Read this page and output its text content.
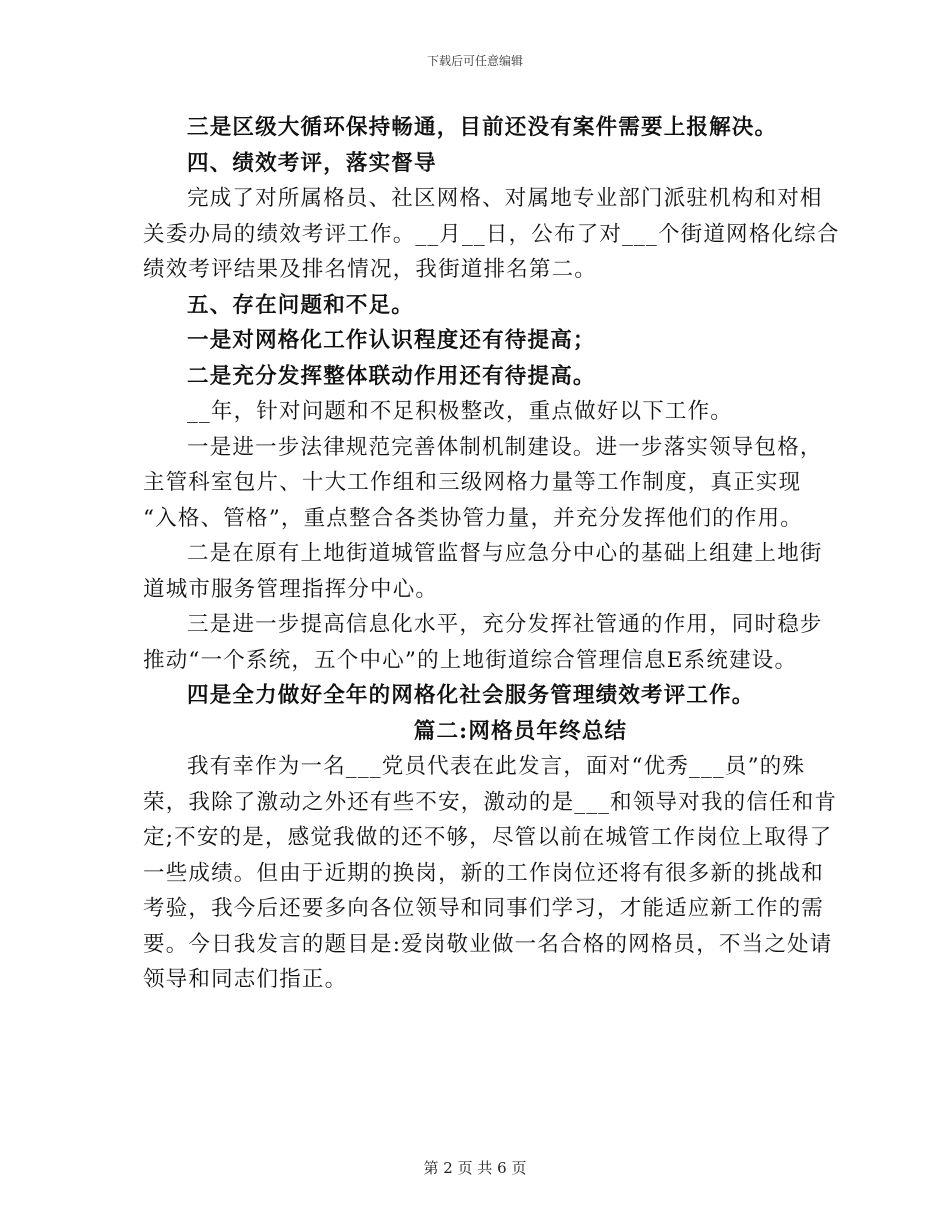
下载后可任意编辑
三是区级大循环保持畅通，目前还没有案件需要上报解决。
四、绩效考评，落实督导
完成了对所属格员、社区网格、对属地专业部门派驻机构和对相
关委办局的绩效考评工作。__月__日，公布了对___个街道网格化综合
绩效考评结果及排名情况，我街道排名第二。
五、存在问题和不足。
一是对网格化工作认识程度还有待提高；
二是充分发挥整体联动作用还有待提高。
__年，针对问题和不足积极整改，重点做好以下工作。
一是进一步法律规范完善体制机制建设。进一步落实领导包格，
主管科室包片、十大工作组和三级网格力量等工作制度，真正实现
“入格、管格”，重点整合各类协管力量，并充分发挥他们的作用。
二是在原有上地街道城管监督与应急分中心的基础上组建上地街
道城市服务管理指挥分中心。
三是进一步提高信息化水平，充分发挥社管通的作用，同时稳步
推动“一个系统，五个中心”的上地街道综合管理信息E系统建设。
四是全力做好全年的网格化社会服务管理绩效考评工作。
篇二:网格员年终总结
我有幸作为一名___党员代表在此发言，面对“优秀___员”的殊
荣，我除了激动之外还有些不安，激动的是___和领导对我的信任和肯
定;不安的是，感觉我做的还不够，尽管以前在城管工作岗位上取得了
一些成绩。但由于近期的换岗，新的工作岗位还将有很多新的挑战和
考验，我今后还要多向各位领导和同事们学习，才能适应新工作的需
要。今日我发言的题目是:爱岗敬业做一名合格的网格员，不当之处请
领导和同志们指正。
第 2 页 共 6 页
